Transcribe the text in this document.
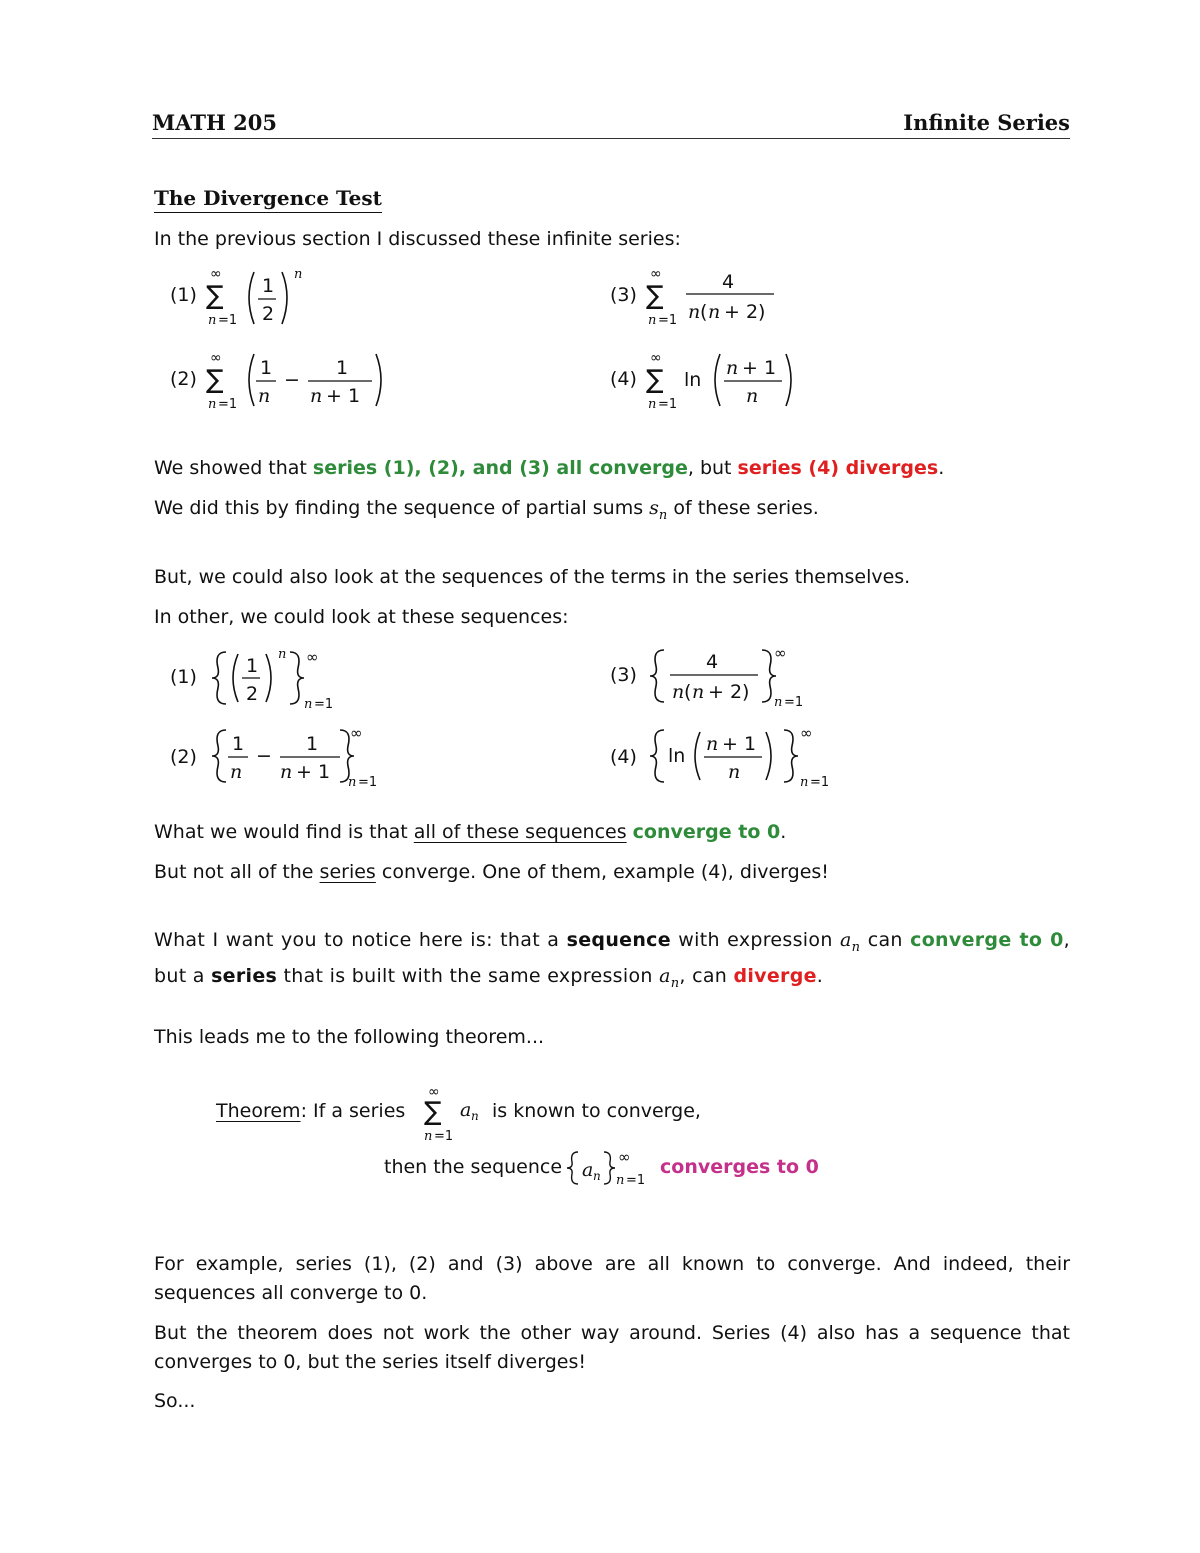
MATH 205	Infinite Series
The Divergence Test
In the previous section I discussed these infinite series:
(1)
∞
∑
n =1
1
2
n
(2)
∞
∑
n =1
1
n
−
1
n + 1
(3)
∞
∑
n =1
4
n ( n + 2)
(4)
∞
∑
n =1
ln
n + 1
n
We showed that series (1), (2), and (3) all converge, but series (4) diverges.
We did this by finding the sequence of partial sums $s_n$ of these series.
But, we could also look at the sequences of the terms in the series themselves.
In other, we could look at these sequences:
(1)	1
2
n ∞
n =1
(2)
1
n
−
1
n + 1
∞
n =1
(3)
4
n ( n + 2)
∞
n =1
(4) ln
n + 1
n
∞
n =1
What we would find is that all of these sequences converge to 0.
But not all of the series converge. One of them, example (4), diverges!
What I want you to notice here is: that a sequence with expression $a_n$ can converge to 0, but a series that is built with the same expression $a_n$, can diverge.
This leads me to the following theorem...
Theorem: If a series
∞
∑
n =1
a n is known to converge,
then the sequence a n
∞
n =1
converges to 0
For example, series (1), (2) and (3) above are all known to converge. And indeed, their sequences all converge to 0.
But the theorem does not work the other way around. Series (4) also has a sequence that converges to 0, but the series itself diverges!
So...
